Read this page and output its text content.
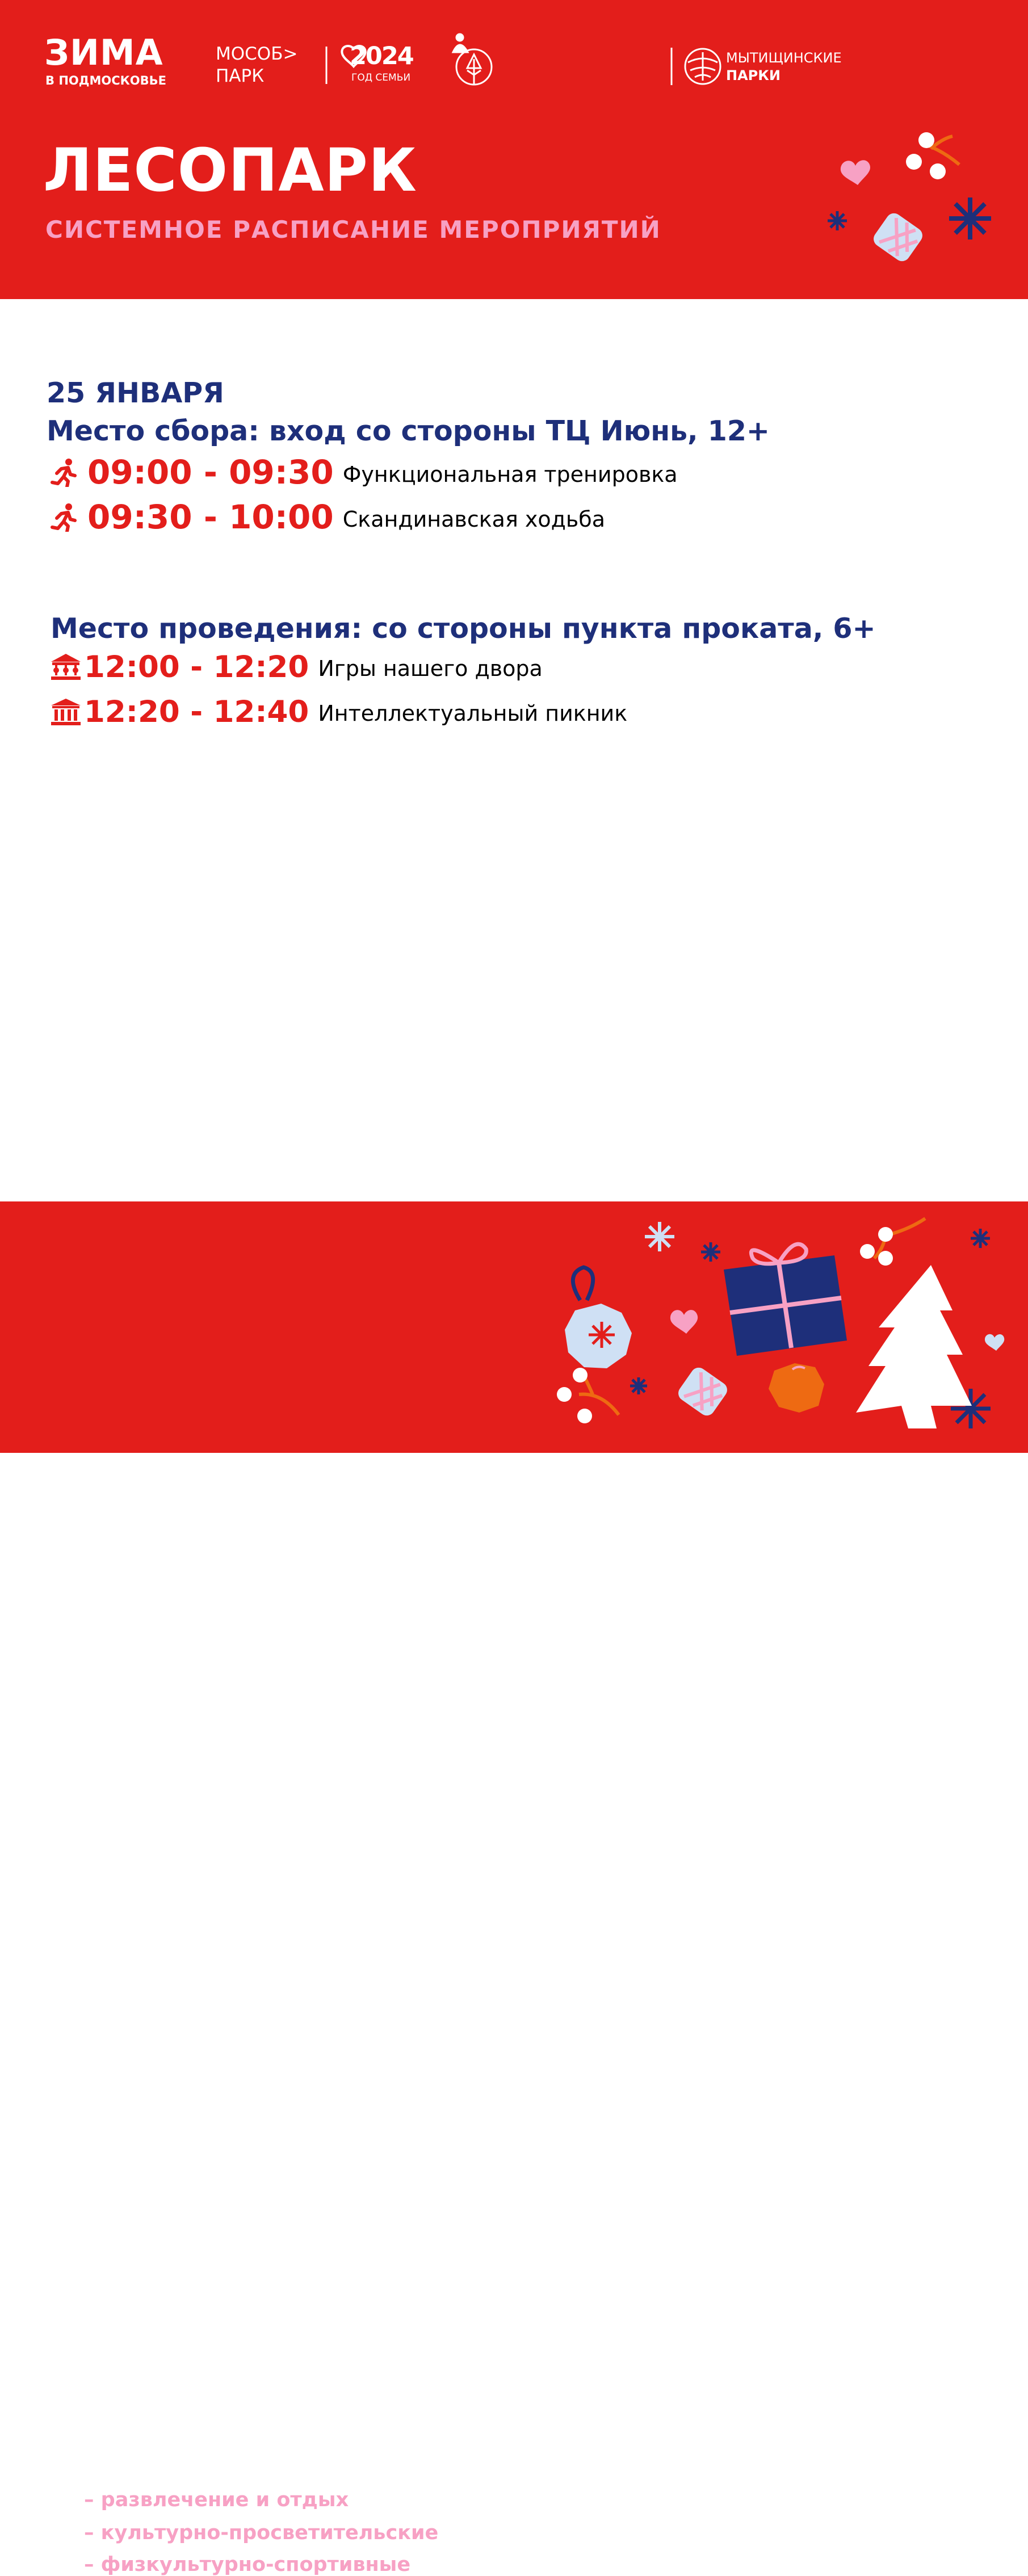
ЗИМА
В ПОДМОСКОВЬЕ
МОСОБ>
ПАРК
2024
ГОД СЕМЬИ
МЫТИЩИНСКИЕ
ПАРКИ
ЛЕСОПАРК
СИСТЕМНОЕ РАСПИСАНИЕ МЕРОПРИЯТИЙ
25 ЯНВАРЯ
Место сбора: вход со стороны ТЦ Июнь, 12+
09:00 - 09:30 Функциональная тренировка
09:30 - 10:00 Скандинавская ходьба
Место проведения: со стороны пункта проката, 6+
12:00 - 12:20 Игры нашего двора
12:20 - 12:40 Интеллектуальный пикник
– развлечение и отдых
– культурно-просветительские
– физкультурно-спортивные
